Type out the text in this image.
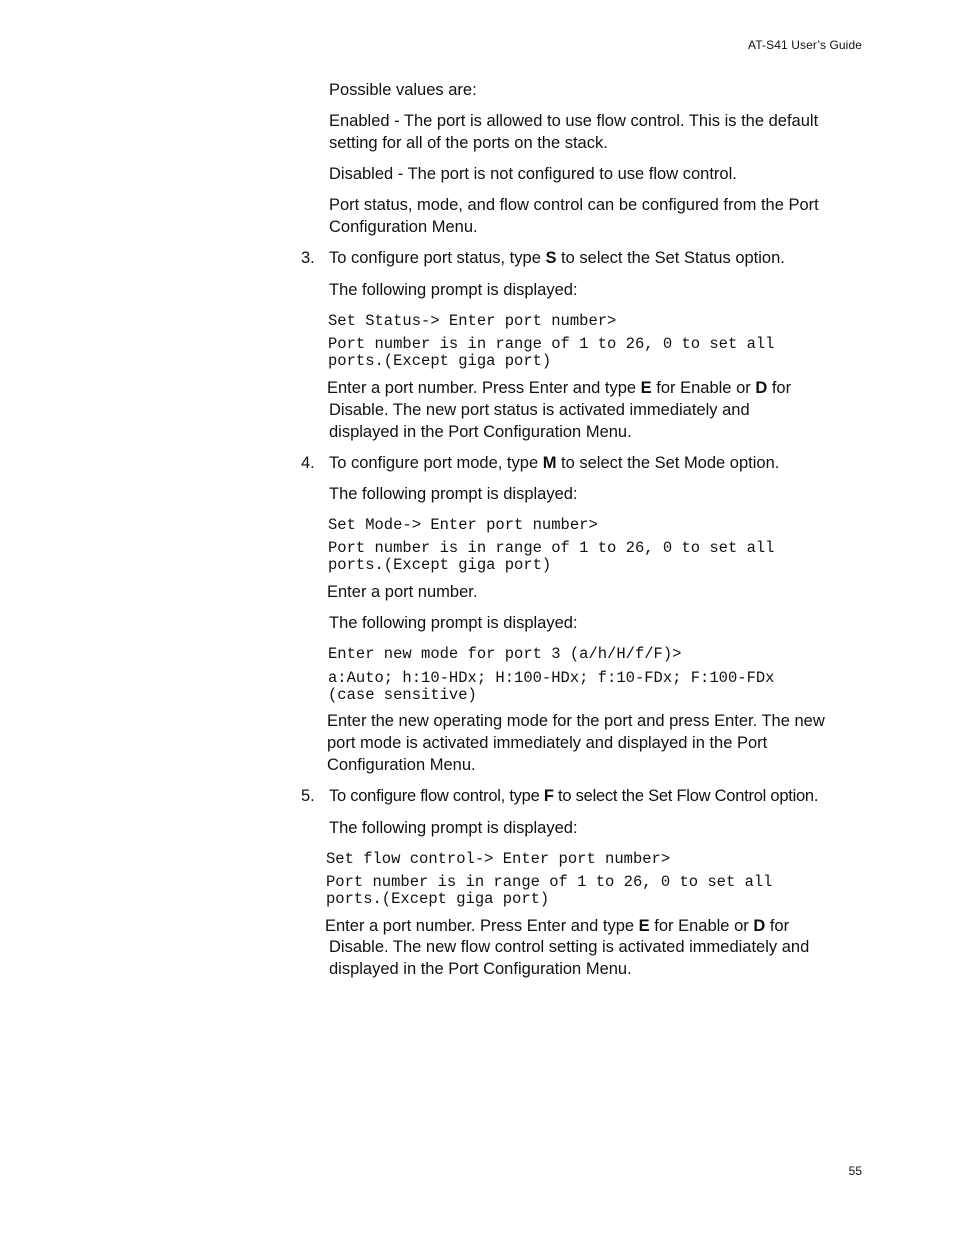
AT-S41 User’s Guide

Possible values are:

Enabled - The port is allowed to use flow control. This is the default setting for all of the ports on the stack.

Disabled - The port is not configured to use flow control.

Port status, mode, and flow control can be configured from the Port Configuration Menu.

3. To configure port status, type S to select the Set Status option.

The following prompt is displayed:

Set Status-> Enter port number>
Port number is in range of 1 to 26, 0 to set all
ports.(Except giga port)

Enter a port number. Press Enter and type E for Enable or D for

Disable. The new port status is activated immediately and displayed in the Port Configuration Menu.

4. To configure port mode, type M to select the Set Mode option.

The following prompt is displayed:

Set Mode-> Enter port number>
Port number is in range of 1 to 26, 0 to set all
ports.(Except giga port)

Enter a port number.

The following prompt is displayed:

Enter new mode for port 3 (a/h/H/f/F)>
a:Auto; h:10-HDx; H:100-HDx; f:10-FDx; F:100-FDx
(case sensitive)

Enter the new operating mode for the port and press Enter. The new port mode is activated immediately and displayed in the Port Configuration Menu.

5. To configure flow control, type F to select the Set Flow Control option.

The following prompt is displayed:

Set flow control-> Enter port number>
Port number is in range of 1 to 26, 0 to set all
ports.(Except giga port)

Enter a port number. Press Enter and type E for Enable or D for

Disable. The new flow control setting is activated immediately and displayed in the Port Configuration Menu.

55
